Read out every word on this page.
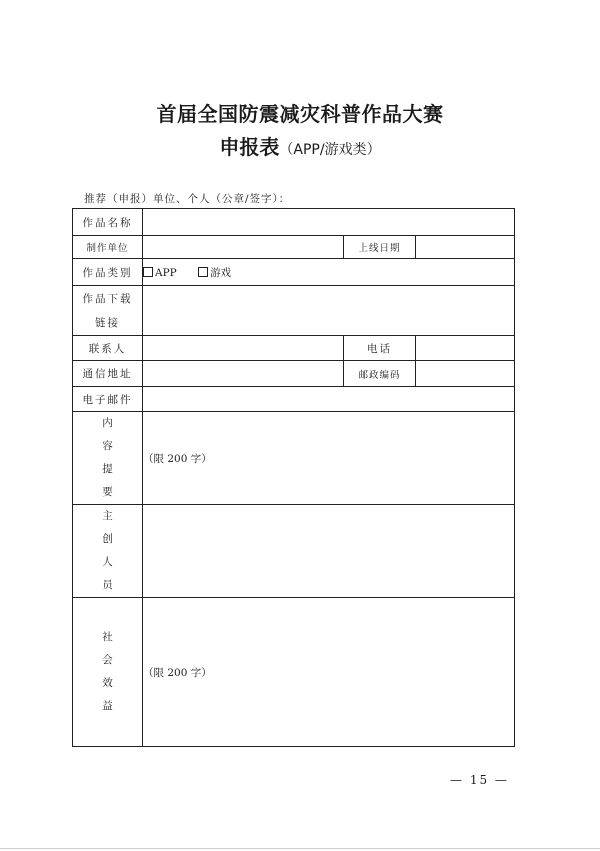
首届全国防震减灾科普作品大赛
申报表（APP/游戏类）
推荐（申报）单位、个人（公章/签字）：
作品名称			
制作单位		上线日期	
作品类别	APP 游戏		
作品下载
链接			
联系人		电话	
通信地址		邮政编码	
电子邮件			

内
容
提
要	（限 200 字）		

主
创
人
员			

社
会
效
益	（限 200 字）		
— 15 —
